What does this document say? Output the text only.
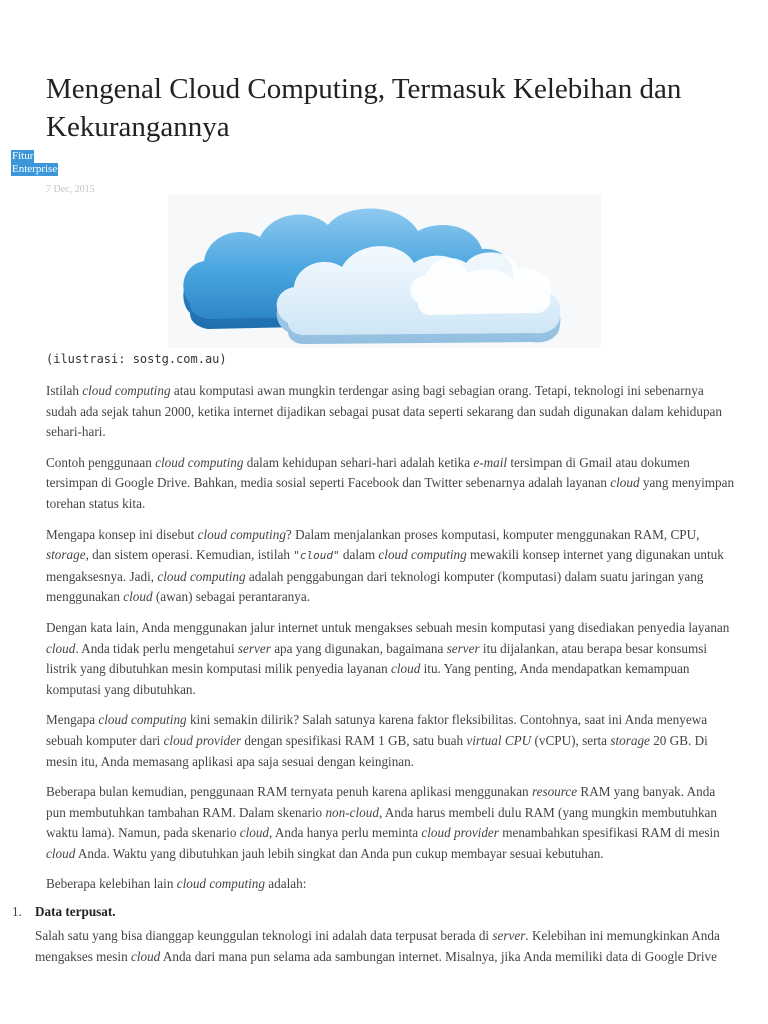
Mengenal Cloud Computing, Termasuk Kelebihan dan Kekurangannya
Fitur
Enterprise
7 Dec, 2015
(ilustrasi: sostg.com.au)

Istilah cloud computing atau komputasi awan mungkin terdengar asing bagi sebagian orang. Tetapi, teknologi ini sebenarnya sudah ada sejak tahun 2000, ketika internet dijadikan sebagai pusat data seperti sekarang dan sudah digunakan dalam kehidupan sehari-hari.

Contoh penggunaan cloud computing dalam kehidupan sehari-hari adalah ketika e-mail tersimpan di Gmail atau dokumen tersimpan di Google Drive. Bahkan, media sosial seperti Facebook dan Twitter sebenarnya adalah layanan cloud yang menyimpan torehan status kita.

Mengapa konsep ini disebut cloud computing? Dalam menjalankan proses komputasi, komputer menggunakan RAM, CPU, storage, dan sistem operasi. Kemudian, istilah "cloud" dalam cloud computing mewakili konsep internet yang digunakan untuk mengaksesnya. Jadi, cloud computing adalah penggabungan dari teknologi komputer (komputasi) dalam suatu jaringan yang menggunakan cloud (awan) sebagai perantaranya.

Dengan kata lain, Anda menggunakan jalur internet untuk mengakses sebuah mesin komputasi yang disediakan penyedia layanan cloud. Anda tidak perlu mengetahui server apa yang digunakan, bagaimana server itu dijalankan, atau berapa besar konsumsi listrik yang dibutuhkan mesin komputasi milik penyedia layanan cloud itu. Yang penting, Anda mendapatkan kemampuan komputasi yang dibutuhkan.

Mengapa cloud computing kini semakin dilirik? Salah satunya karena faktor fleksibilitas. Contohnya, saat ini Anda menyewa sebuah komputer dari cloud provider dengan spesifikasi RAM 1 GB, satu buah virtual CPU (vCPU), serta storage 20 GB. Di mesin itu, Anda memasang aplikasi apa saja sesuai dengan keinginan.

Beberapa bulan kemudian, penggunaan RAM ternyata penuh karena aplikasi menggunakan resource RAM yang banyak. Anda pun membutuhkan tambahan RAM. Dalam skenario non-cloud, Anda harus membeli dulu RAM (yang mungkin membutuhkan waktu lama). Namun, pada skenario cloud, Anda hanya perlu meminta cloud provider menambahkan spesifikasi RAM di mesin cloud Anda. Waktu yang dibutuhkan jauh lebih singkat dan Anda pun cukup membayar sesuai kebutuhan.

Beberapa kelebihan lain cloud computing adalah:

1. Data terpusat.
Salah satu yang bisa dianggap keunggulan teknologi ini adalah data terpusat berada di server. Kelebihan ini memungkinkan Anda mengakses mesin cloud Anda dari mana pun selama ada sambungan internet. Misalnya, jika Anda memiliki data di Google Drive
